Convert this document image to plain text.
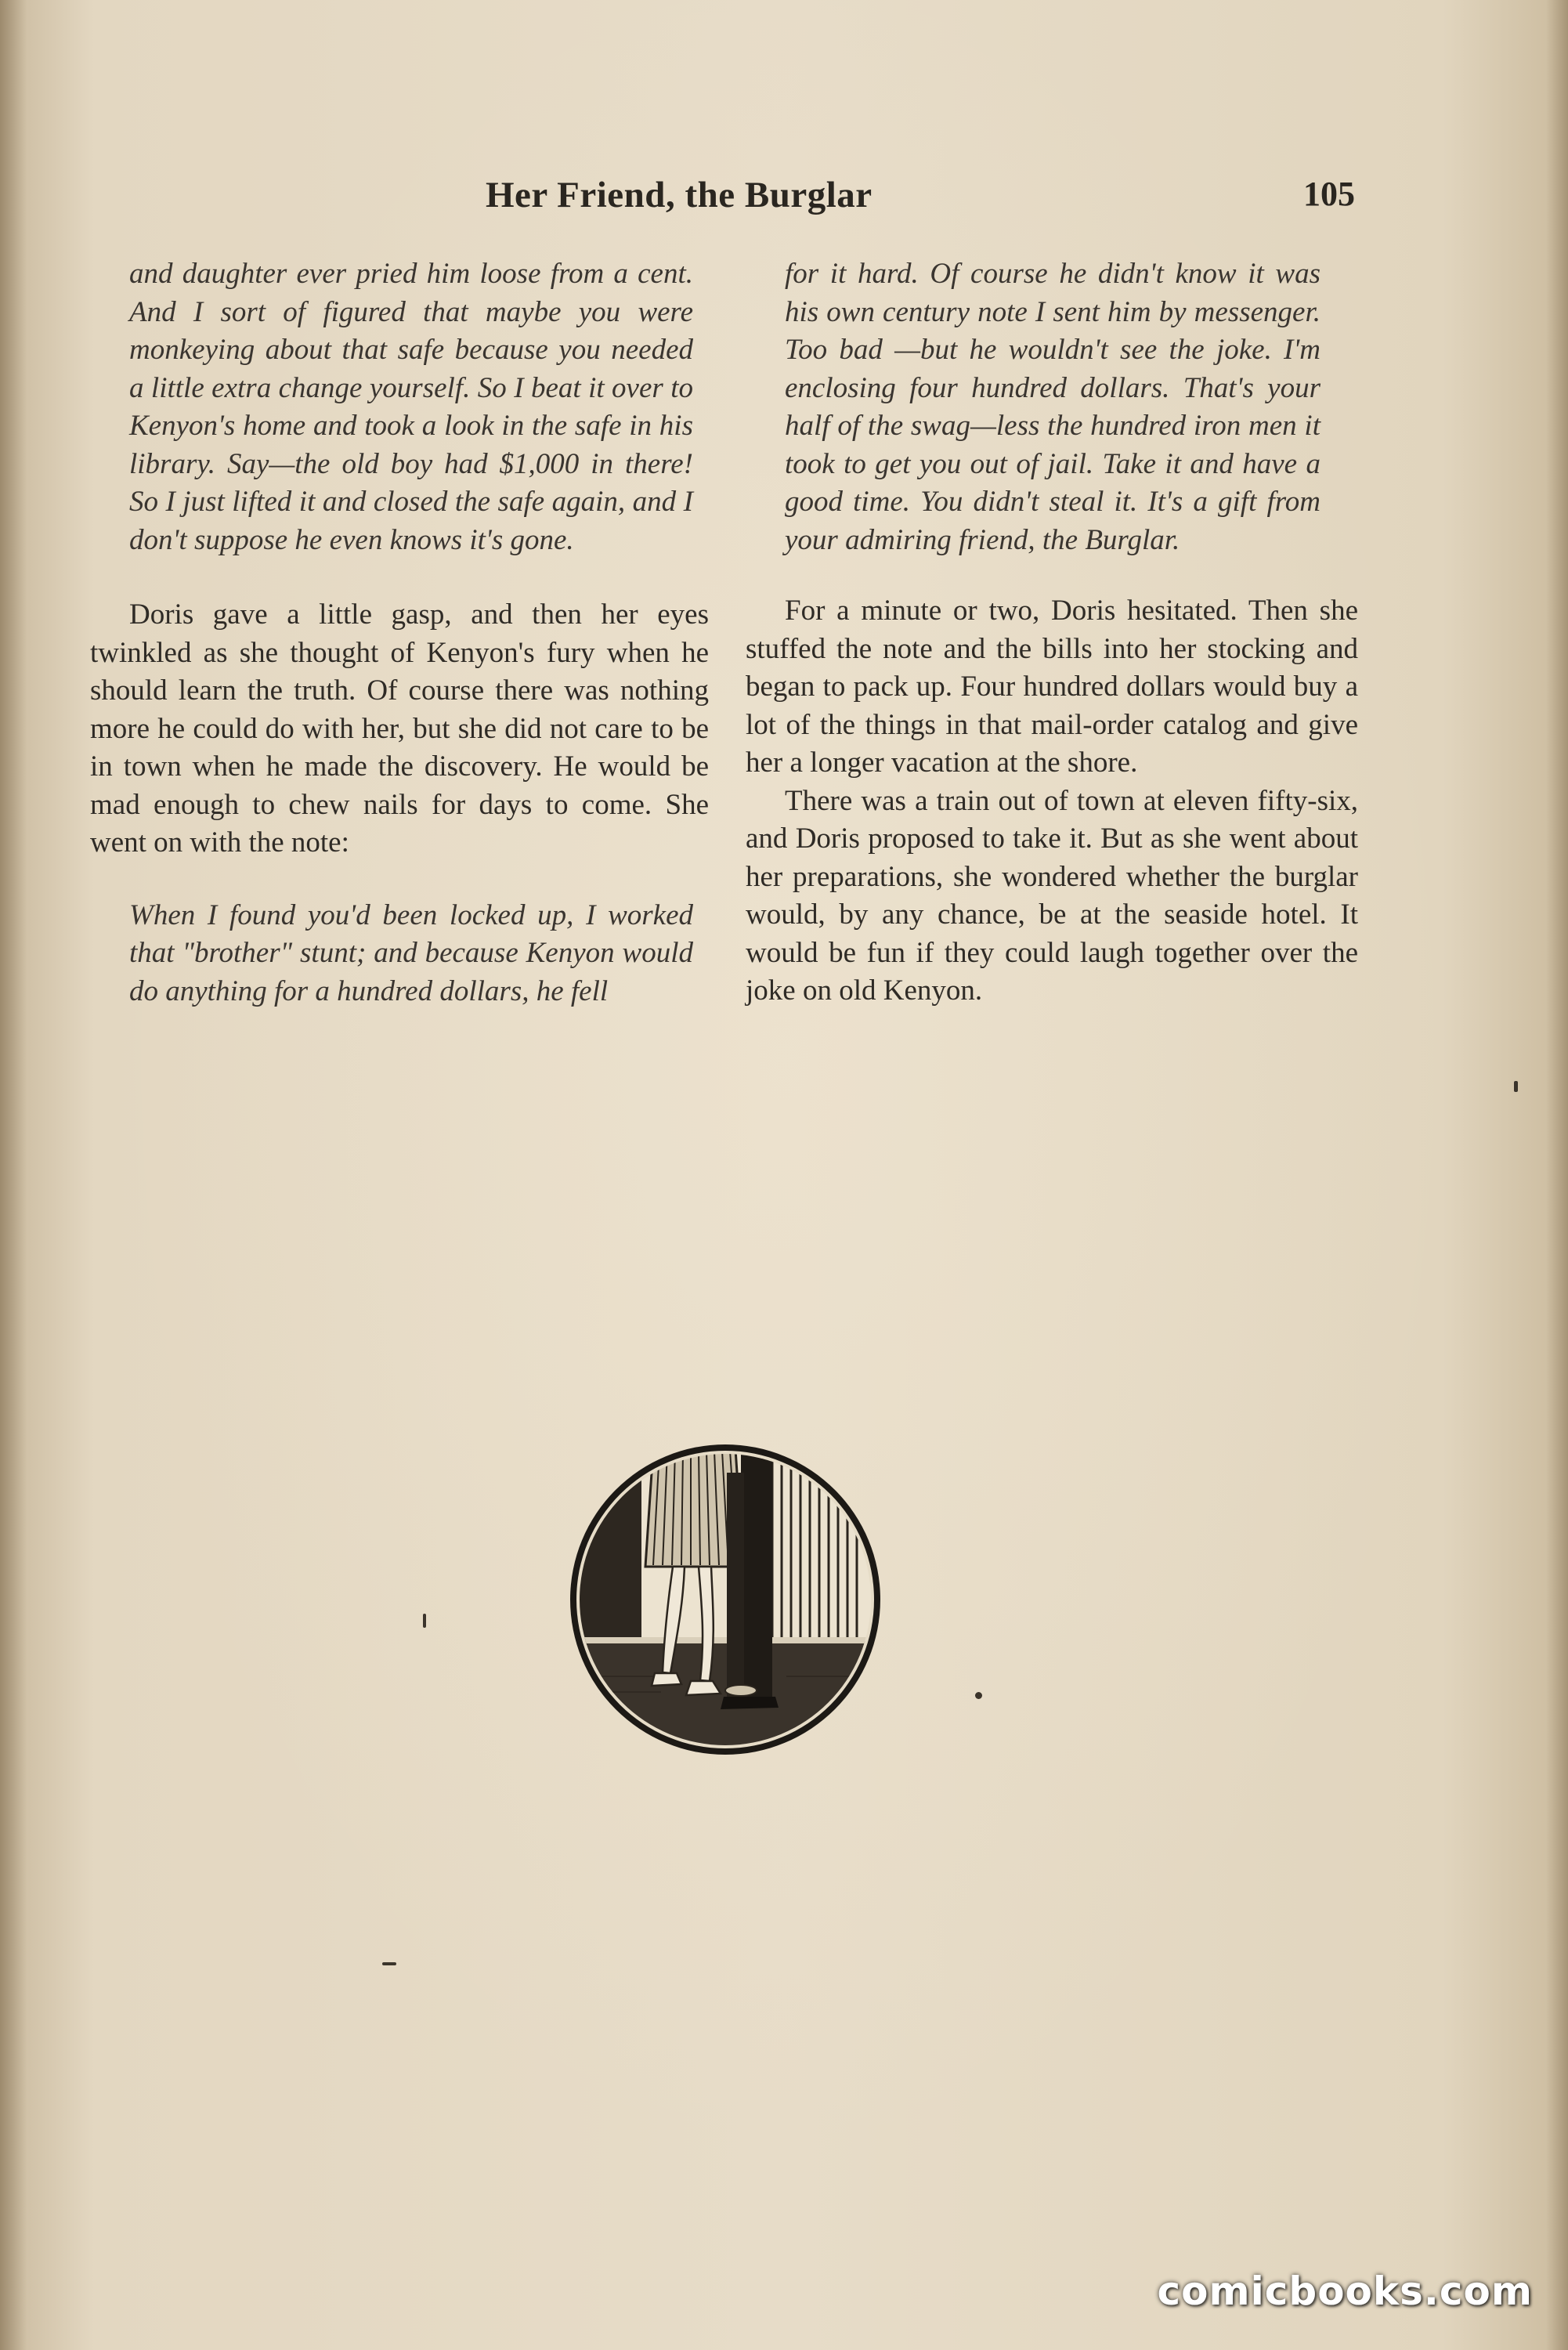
Her Friend, the Burglar	105

and daughter ever pried him loose from a cent. And I sort of figured that maybe you were monkeying about that safe because you needed a little extra change yourself. So I beat it over to Kenyon's home and took a look in the safe in his library. Say—the old boy had $1,000 in there! So I just lifted it and closed the safe again, and I don't suppose he even knows it's gone.

Doris gave a little gasp, and then her eyes twinkled as she thought of Kenyon's fury when he should learn the truth. Of course there was nothing more he could do with her, but she did not care to be in town when he made the discovery. He would be mad enough to chew nails for days to come. She went on with the note:

When I found you'd been locked up, I worked that "brother" stunt; and because Kenyon would do anything for a hundred dollars, he fell

for it hard. Of course he didn't know it was his own century note I sent him by messenger. Too bad —but he wouldn't see the joke. I'm enclosing four hundred dollars. That's your half of the swag—less the hundred iron men it took to get you out of jail. Take it and have a good time. You didn't steal it. It's a gift from your admiring friend, the Burglar.

For a minute or two, Doris hesitated. Then she stuffed the note and the bills into her stocking and began to pack up. Four hundred dollars would buy a lot of the things in that mail-order catalog and give her a longer vacation at the shore.

There was a train out of town at eleven fifty-six, and Doris proposed to take it. But as she went about her preparations, she wondered whether the burglar would, by any chance, be at the seaside hotel. It would be fun if they could laugh together over the joke on old Kenyon.

comicbooks.com
